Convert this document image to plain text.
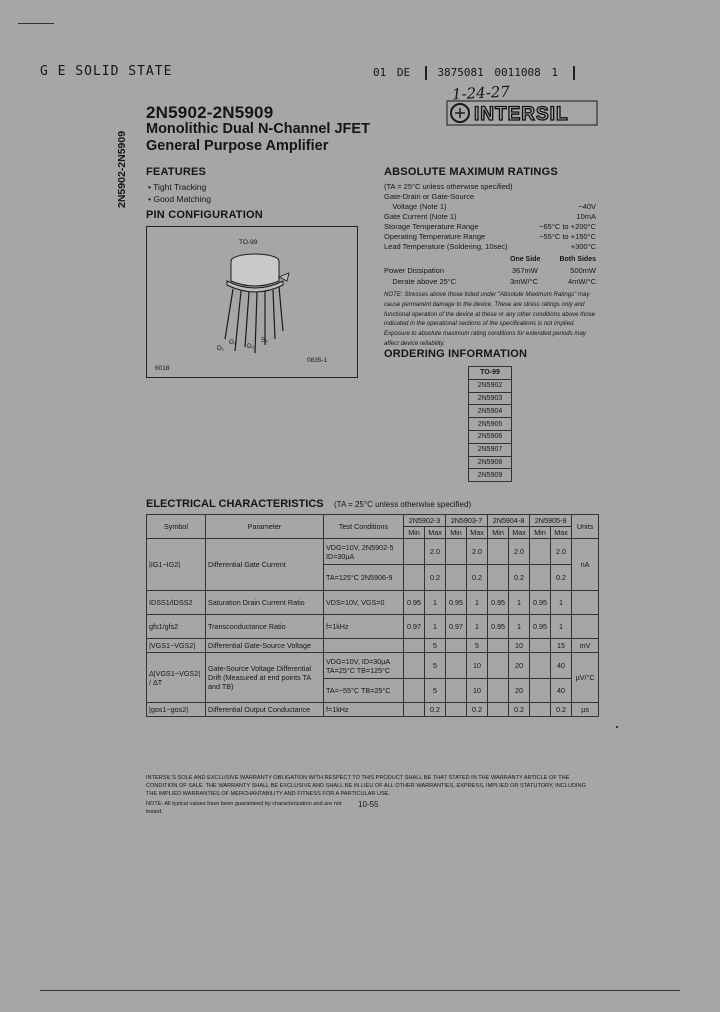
G E SOLID STATE	01 DE 3875081 0011008 1
1-24-27
INTERSIL
2N5902-2N5909
2N5902-2N5909
Monolithic Dual N-Channel JFET
General Purpose Amplifier
FEATURES
• Tight Tracking
• Good Matching
PIN CONFIGURATION
TO-99
D₁
G₁
D₂
S₂
6018
0835-1
ABSOLUTE MAXIMUM RATINGS
(TA = 25°C unless otherwise specified)
Gate-Drain or Gate-Source
Voltage (Note 1)	−40V
Gate Current (Note 1)	10mA
Storage Temperature Range	−65°C to +200°C
Operating Temperature Range	−55°C to +150°C
Lead Temperature (Soldering, 10sec)	+300°C
One Side	Both Sides
Power Dissipation	367mW	500mW
Derate above 25°C	3mW/°C	4mW/°C
NOTE: Stresses above those listed under "Absolute Maximum Ratings" may cause permanent damage to the device. These are stress ratings only and functional operation of the device at these or any other conditions above those indicated in the operational sections of the specifications is not implied. Exposure to absolute maximum rating conditions for extended periods may affect device reliability.
ORDERING INFORMATION
TO-99
2N5902
2N5903
2N5904
2N5905
2N5906
2N5907
2N5908
2N5909
ELECTRICAL CHARACTERISTICS (TA = 25°C unless otherwise specified)
Symbol	Parameter	Test Conditions	2N5902-3		2N5903-7		2N5904-8		2N5905-9		Units
			Min	Max	Min	Max	Min	Max	Min	Max	
|IG1−IG2|	Differential Gate Current	VDG=10V, 2N5902-5 ID=30µA		2.0		2.0		2.0		2.0	nA
		TA=125°C 2N5906-9		0.2		0.2		0.2		0.2	
IDSS1/IDSS2	Saturation Drain Current Ratio	VDS=10V, VGS=0	0.95	1	0.95	1	0.95	1	0.95	1	
gfs1/gfs2	Transconductance Ratio	f=1kHz	0.97	1	0.97	1	0.95	1	0.95	1	
|VGS1−VGS2|	Differential Gate-Source Voltage			5		5		10		15	mV
Δ|VGS1−VGS2| / ΔT	Gate-Source Voltage Differential Drift (Measured at end points TA and TB)	VDG=10V, ID=30µA TA=25°C TB=125°C		5		10		20		40	µV/°C
		TA=−55°C TB=25°C		5		10		20		40	
|gos1−gos2|	Differential Output Conductance	f=1kHz		0.2		0.2		0.2		0.2	µs
INTERSIL'S SOLE AND EXCLUSIVE WARRANTY OBLIGATION WITH RESPECT TO THIS PRODUCT SHALL BE THAT STATED IN THE WARRANTY ARTICLE OF THE CONDITION OF SALE. THE WARRANTY SHALL BE EXCLUSIVE AND SHALL BE IN LIEU OF ALL OTHER WARRANTIES, EXPRESS, IMPLIED OR STATUTORY, INCLUDING THE IMPLIED WARRANTIES OF MERCHANTABILITY AND FITNESS FOR A PARTICULAR USE.
NOTE: All typical values have been guaranteed by characterization and are not tested.
10-55
